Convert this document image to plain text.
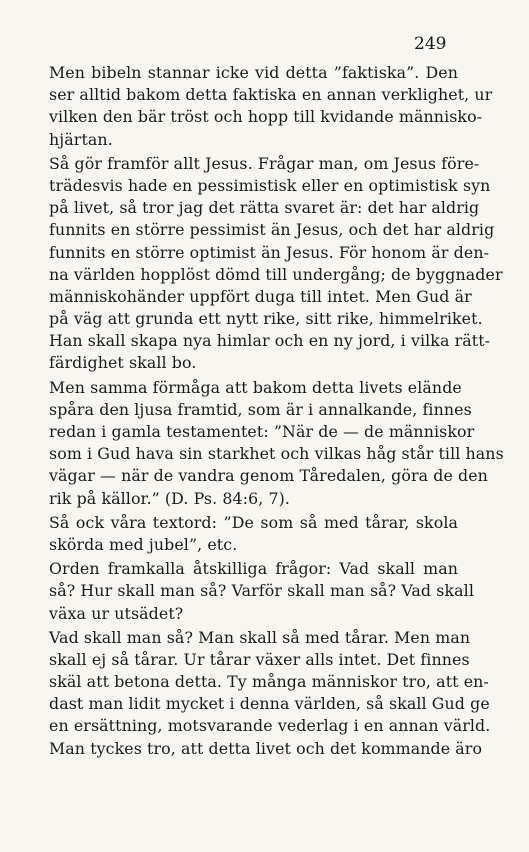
249
Men bibeln stannar icke vid detta ”faktiska”. Den
ser alltid bakom detta faktiska en annan verklighet, ur
vilken den bär tröst och hopp till kvidande människo-
hjärtan.
Så gör framför allt Jesus. Frågar man, om Jesus före-
trädesvis hade en pessimistisk eller en optimistisk syn
på livet, så tror jag det rätta svaret är: det har aldrig
funnits en större pessimist än Jesus, och det har aldrig
funnits en större optimist än Jesus. För honom är den-
na världen hopplöst dömd till undergång; de byggnader
människohänder uppfört duga till intet. Men Gud är
på väg att grunda ett nytt rike, sitt rike, himmelriket.
Han skall skapa nya himlar och en ny jord, i vilka rätt-
färdighet skall bo.
Men samma förmåga att bakom detta livets elände
spåra den ljusa framtid, som är i annalkande, finnes
redan i gamla testamentet: ”När de — de människor
som i Gud hava sin starkhet och vilkas håg står till hans
vägar — när de vandra genom Tåredalen, göra de den
rik på källor.” (D. Ps. 84:6, 7).
Så ock våra textord: ”De som så med tårar, skola
skörda med jubel”, etc.
Orden framkalla åtskilliga frågor: Vad skall man
så? Hur skall man så? Varför skall man så? Vad skall
växa ur utsädet?
Vad skall man så? Man skall så med tårar. Men man
skall ej så tårar. Ur tårar växer alls intet. Det finnes
skäl att betona detta. Ty många människor tro, att en-
dast man lidit mycket i denna världen, så skall Gud ge
en ersättning, motsvarande vederlag i en annan värld.
Man tyckes tro, att detta livet och det kommande äro
